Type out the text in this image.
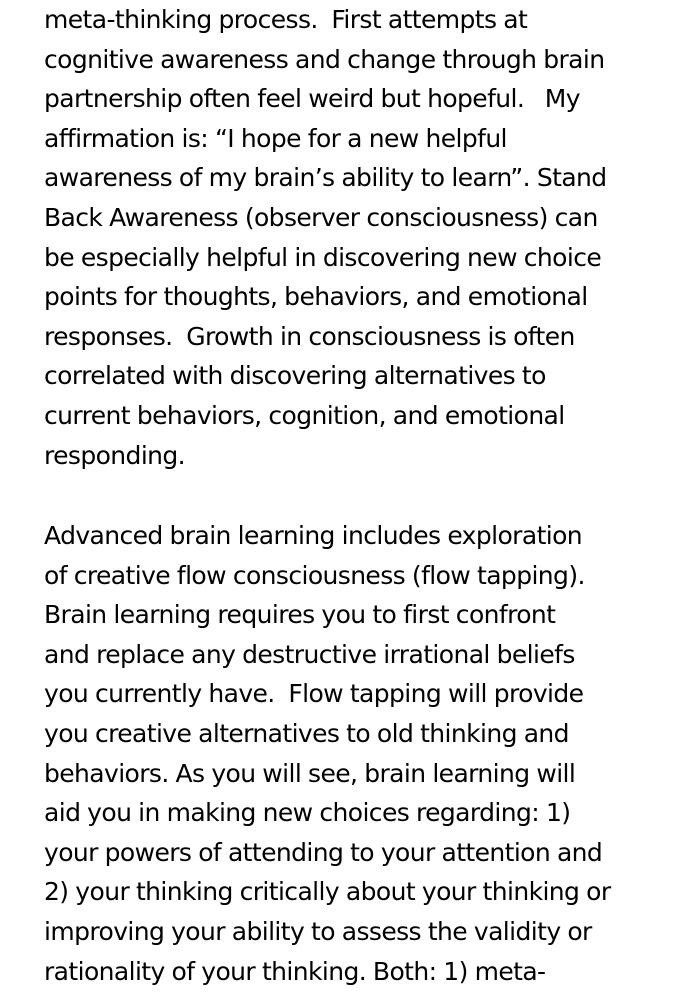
meta-thinking process.  First attempts at
cognitive awareness and change through brain
partnership often feel weird but hopeful.   My
affirmation is: “I hope for a new helpful
awareness of my brain’s ability to learn”. Stand
Back Awareness (observer consciousness) can
be especially helpful in discovering new choice
points for thoughts, behaviors, and emotional
responses.  Growth in consciousness is often
correlated with discovering alternatives to
current behaviors, cognition, and emotional
responding.

Advanced brain learning includes exploration
of creative flow consciousness (flow tapping).
Brain learning requires you to first confront
and replace any destructive irrational beliefs
you currently have.  Flow tapping will provide
you creative alternatives to old thinking and
behaviors. As you will see, brain learning will
aid you in making new choices regarding: 1)
your powers of attending to your attention and
2) your thinking critically about your thinking or
improving your ability to assess the validity or
rationality of your thinking. Both: 1) meta-
